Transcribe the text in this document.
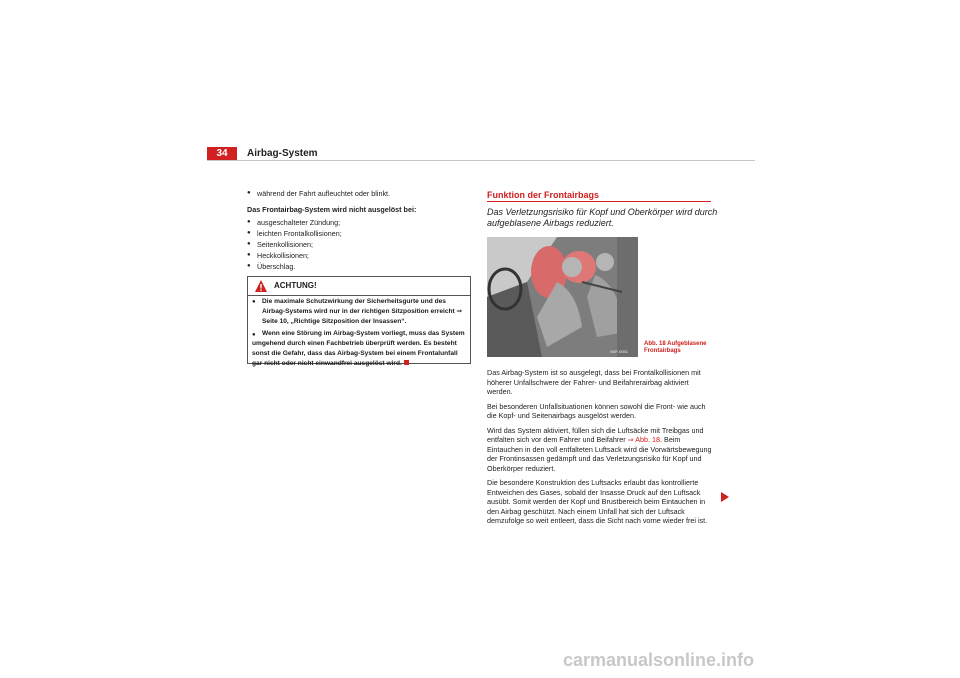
34	Airbag-System

● während der Fahrt aufleuchtet oder blinkt.

Das Frontairbag-System wird nicht ausgelöst bei:

● ausgeschalteter Zündung;

● leichten Frontalkollisionen;

● Seitenkollisionen;

● Heckkollisionen;

● Überschlag.

ACHTUNG!

● Die maximale Schutzwirkung der Sicherheitsgurte und des Airbag-Systems wird nur in der richtigen Sitzposition erreicht ⇒ Seite 10, „Richtige Sitzposition der Insassen“.

● Wenn eine Störung im Airbag-System vorliegt, muss das System umgehend durch einen Fachbetrieb überprüft werden. Es besteht sonst die Gefahr, dass das Airbag-System bei einem Frontalunfall gar nicht oder nicht einwandfrei ausgelöst wird.

Funktion der Frontairbags
Das Verletzungsrisiko für Kopf und Oberkörper wird durch aufgeblasene Airbags reduziert.
B5F-0051
Abb. 18 Aufgeblasene Frontairbags

Das Airbag-System ist so ausgelegt, dass bei Frontalkollisionen mit höherer Unfallschwere der Fahrer- und Beifahrerairbag aktiviert werden.

Bei besonderen Unfallsituationen können sowohl die Front- wie auch die Kopf- und Seitenairbags ausgelöst werden.

Wird das System aktiviert, füllen sich die Luftsäcke mit Treibgas und entfalten sich vor dem Fahrer und Beifahrer ⇒ Abb. 18. Beim Eintauchen in den voll entfalteten Luftsack wird die Vorwärtsbewegung der Frontinsassen gedämpft und das Verletzungsrisiko für Kopf und Oberkörper reduziert.

Die besondere Konstruktion des Luftsacks erlaubt das kontrollierte Entweichen des Gases, sobald der Insasse Druck auf den Luftsack ausübt. Somit werden der Kopf und Brustbereich beim Eintauchen in den Airbag geschützt. Nach einem Unfall hat sich der Luftsack demzufolge so weit entleert, dass die Sicht nach vorne wieder frei ist.

carmanualsonline.info
